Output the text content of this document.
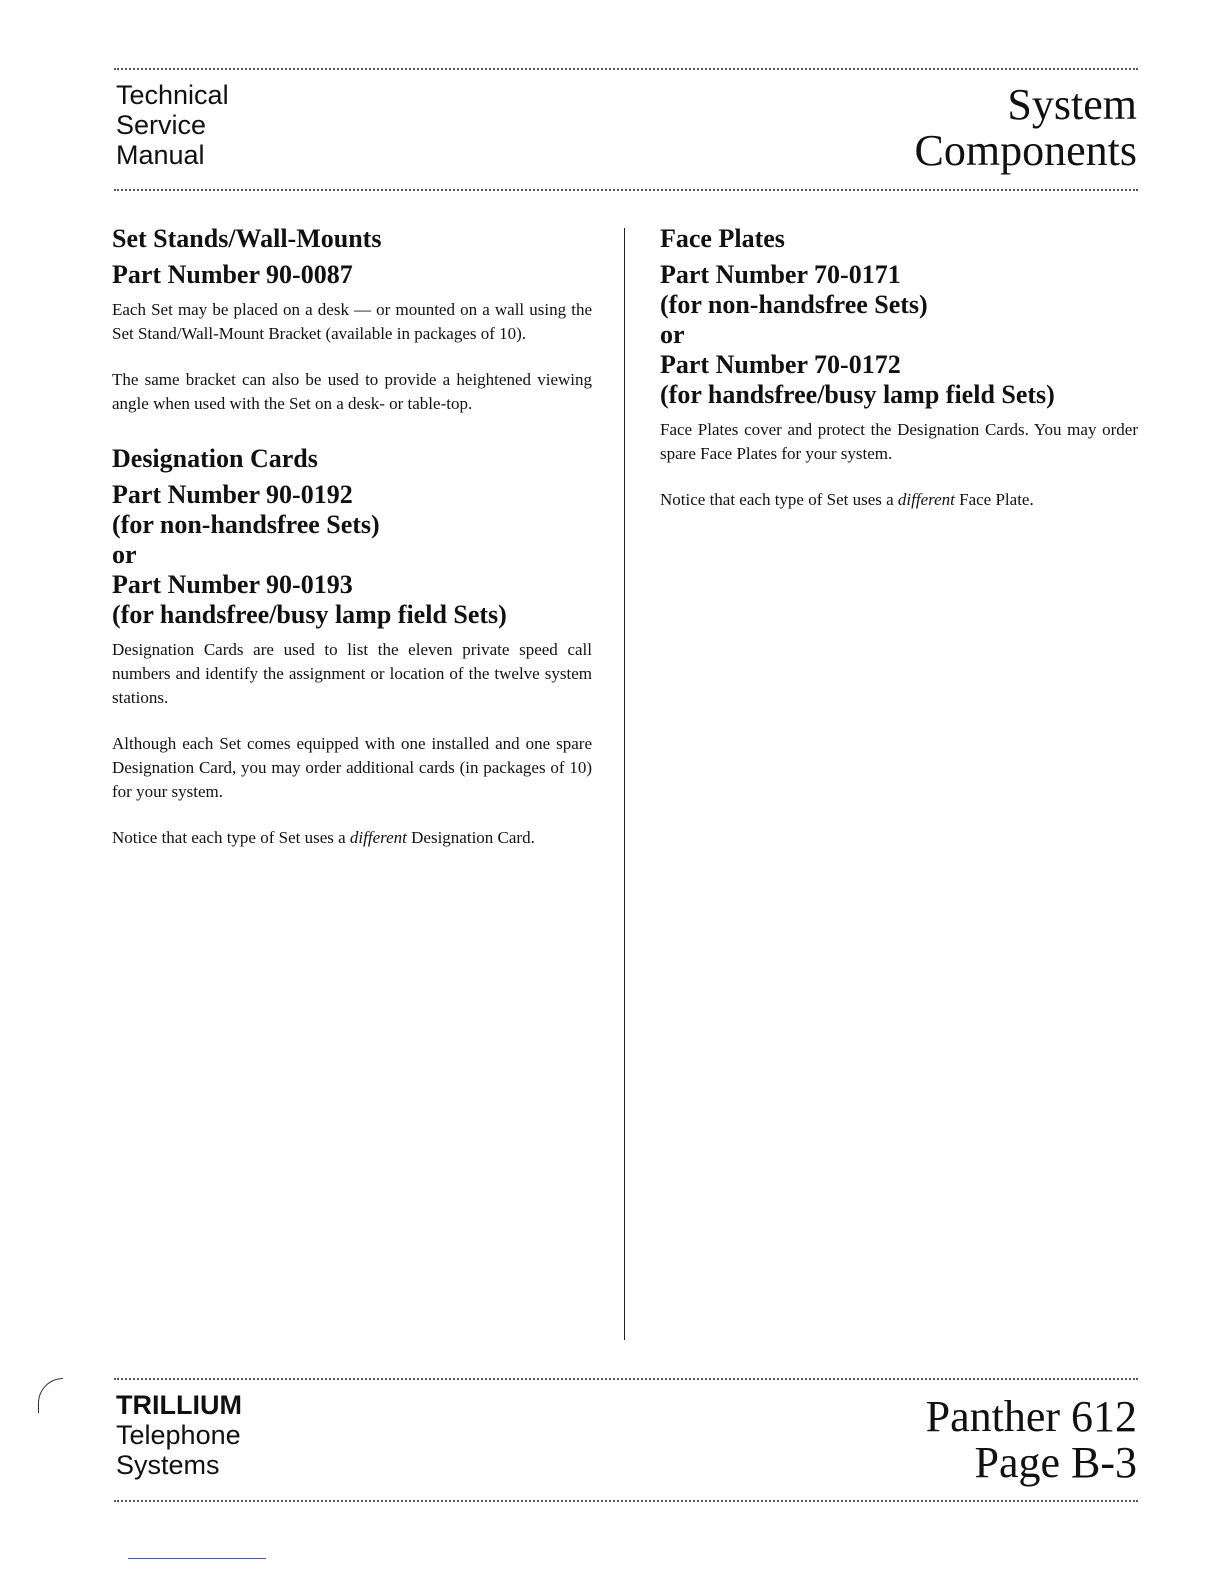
Technical
Service
Manual
System
Components
Set Stands/Wall-Mounts
Part Number 90-0087

Each Set may be placed on a desk — or mounted on a wall using the Set Stand/Wall-Mount Bracket (available in packages of 10).

The same bracket can also be used to provide a heightened viewing angle when used with the Set on a desk- or table-top.

Designation Cards
Part Number 90-0192
(for non-handsfree Sets)
or
Part Number 90-0193
(for handsfree/busy lamp field Sets)

Designation Cards are used to list the eleven private speed call numbers and identify the assignment or location of the twelve system stations.

Although each Set comes equipped with one installed and one spare Designation Card, you may order additional cards (in packages of 10) for your system.

Notice that each type of Set uses a different Designation Card.

Face Plates
Part Number 70-0171
(for non-handsfree Sets)
or
Part Number 70-0172
(for handsfree/busy lamp field Sets)

Face Plates cover and protect the Designation Cards. You may order spare Face Plates for your system.

Notice that each type of Set uses a different Face Plate.

TRILLIUM
Telephone
Systems
Panther 612
Page B-3
